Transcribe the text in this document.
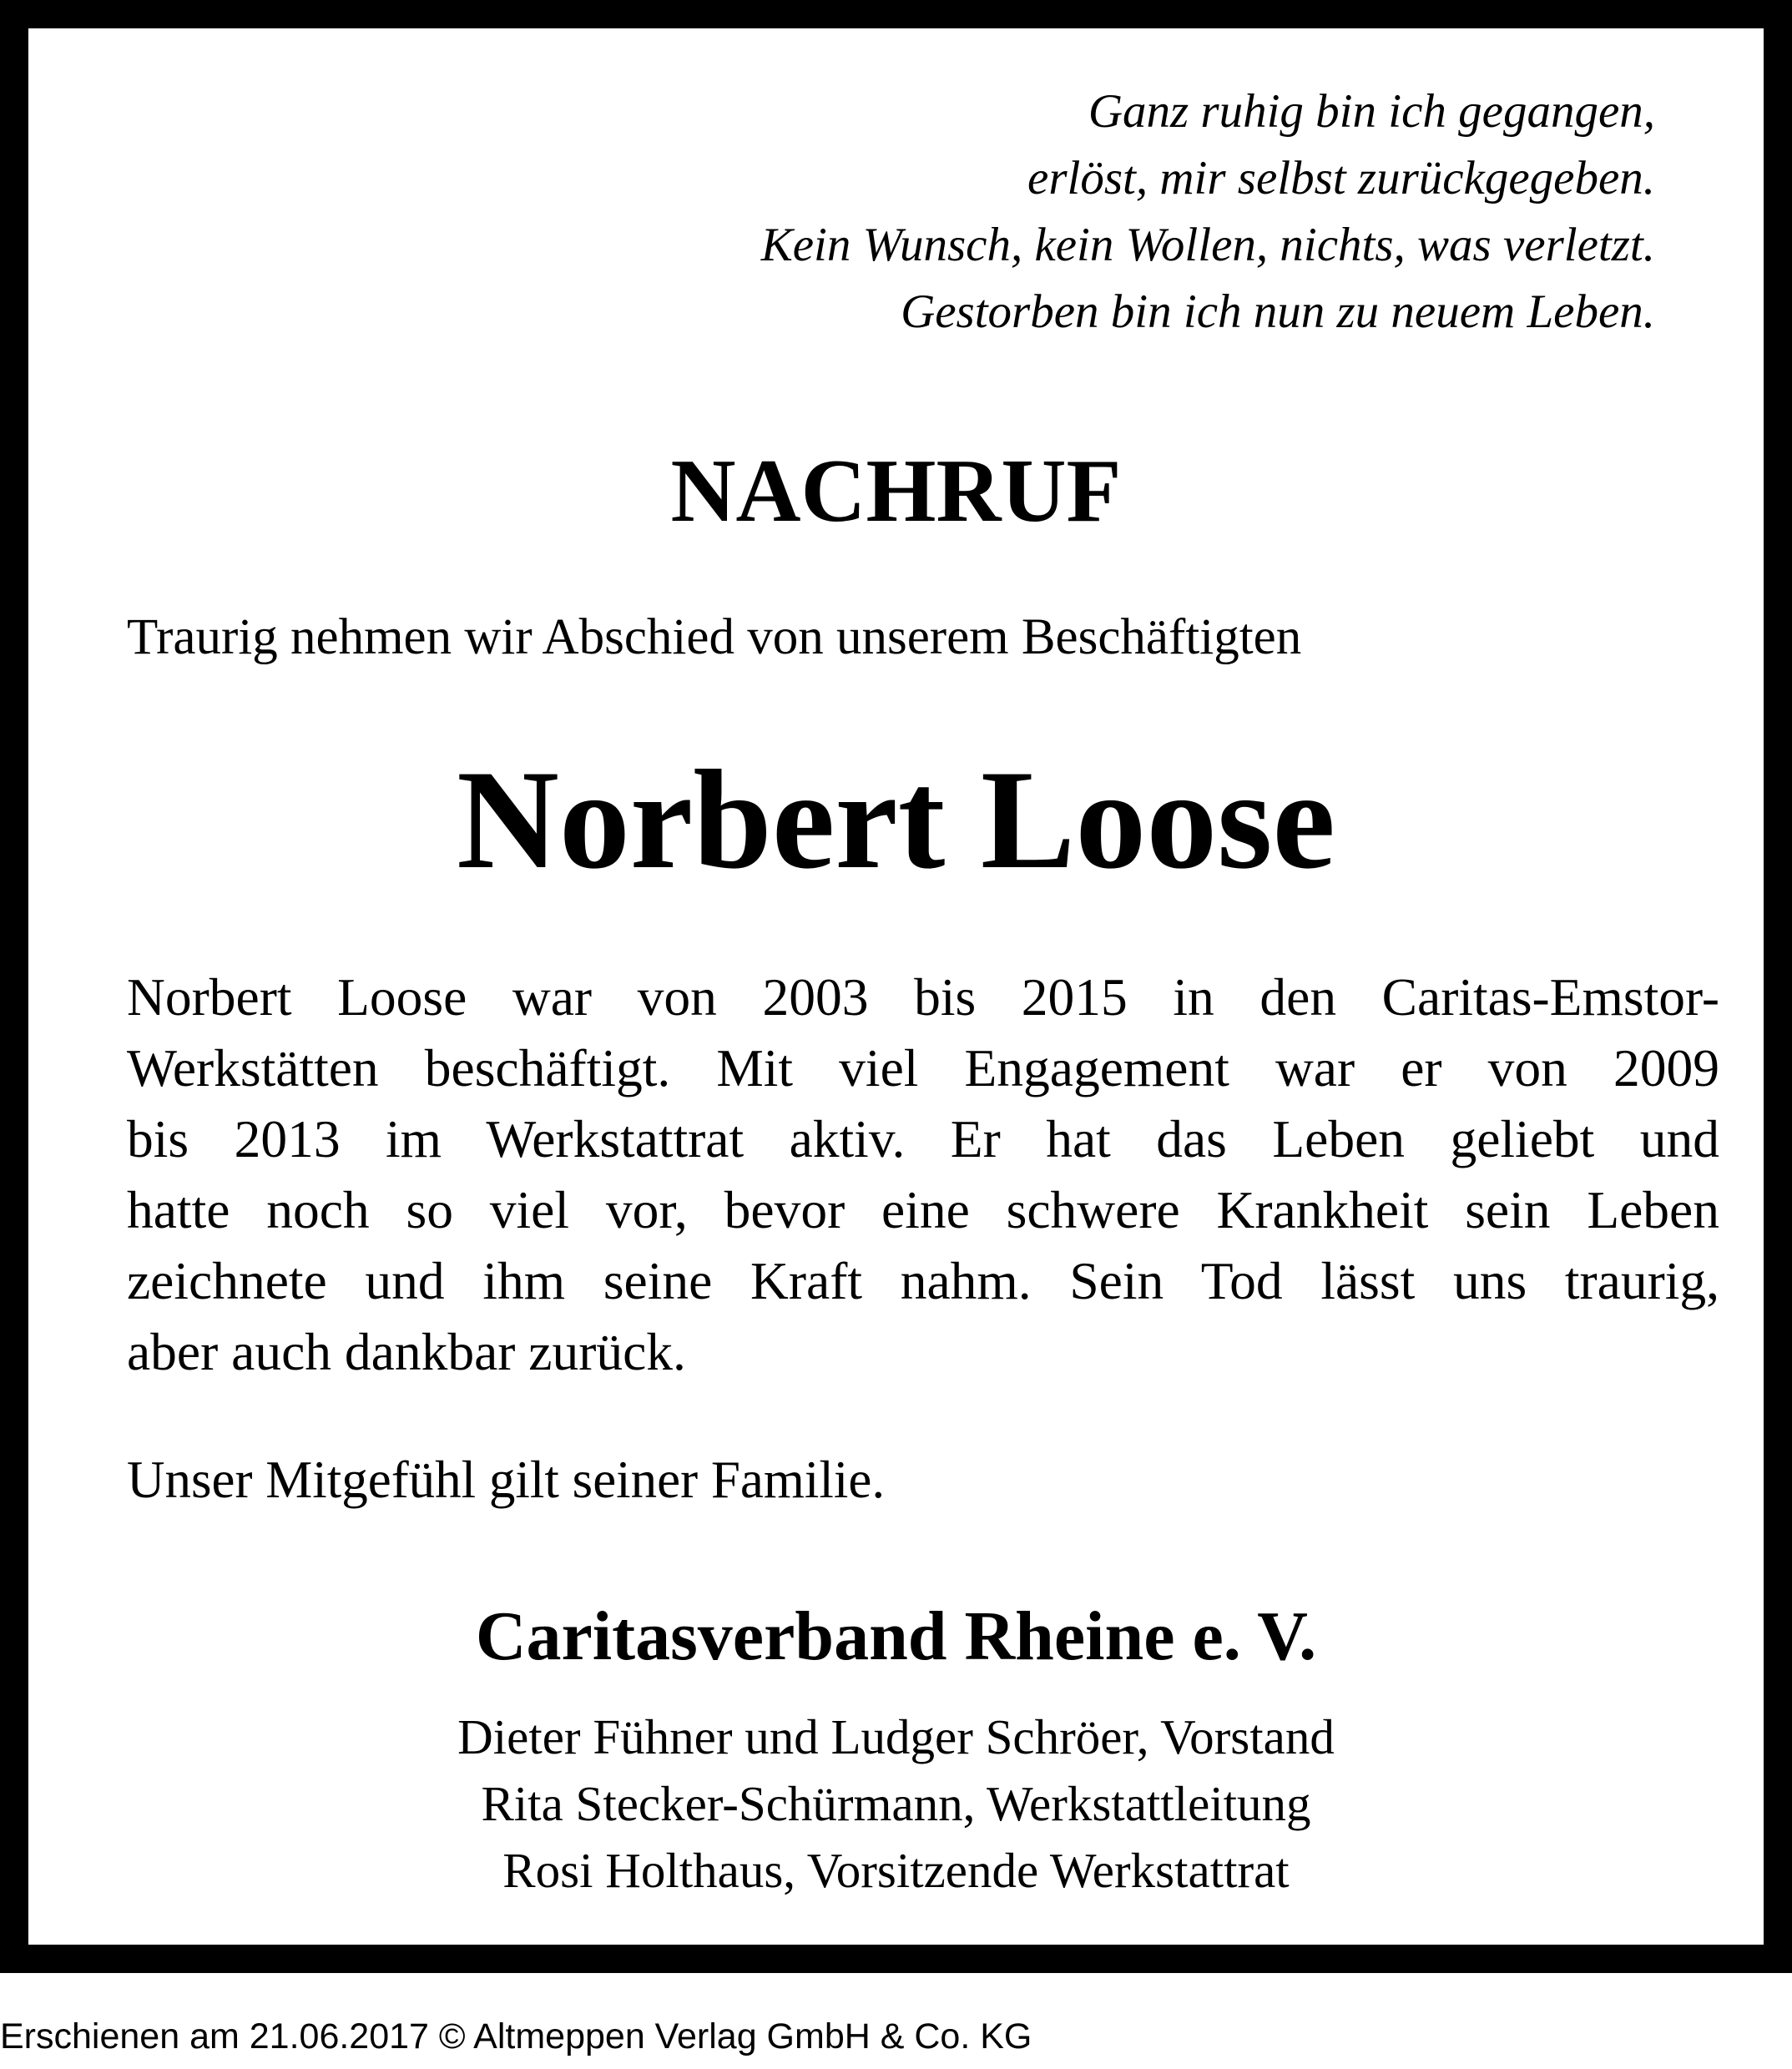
Ganz ruhig bin ich gegangen,
erlöst, mir selbst zurückgegeben.
Kein Wunsch, kein Wollen, nichts, was verletzt.
Gestorben bin ich nun zu neuem Leben.
NACHRUF
Traurig nehmen wir Abschied von unserem Beschäftigten
Norbert Loose
Norbert Loose war von 2003 bis 2015 in den Caritas-Emstor-
Werkstätten beschäftigt. Mit viel Engagement war er von 2009
bis 2013 im Werkstattrat aktiv. Er hat das Leben geliebt und
hatte noch so viel vor, bevor eine schwere Krankheit sein Leben
zeichnete und ihm seine Kraft nahm. Sein Tod lässt uns traurig,
aber auch dankbar zurück.
Unser Mitgefühl gilt seiner Familie.
Caritasverband Rheine e. V.
Dieter Fühner und Ludger Schröer, Vorstand
Rita Stecker-Schürmann, Werkstattleitung
Rosi Holthaus, Vorsitzende Werkstattrat
Erschienen am 21.06.2017 © Altmeppen Verlag GmbH & Co. KG
